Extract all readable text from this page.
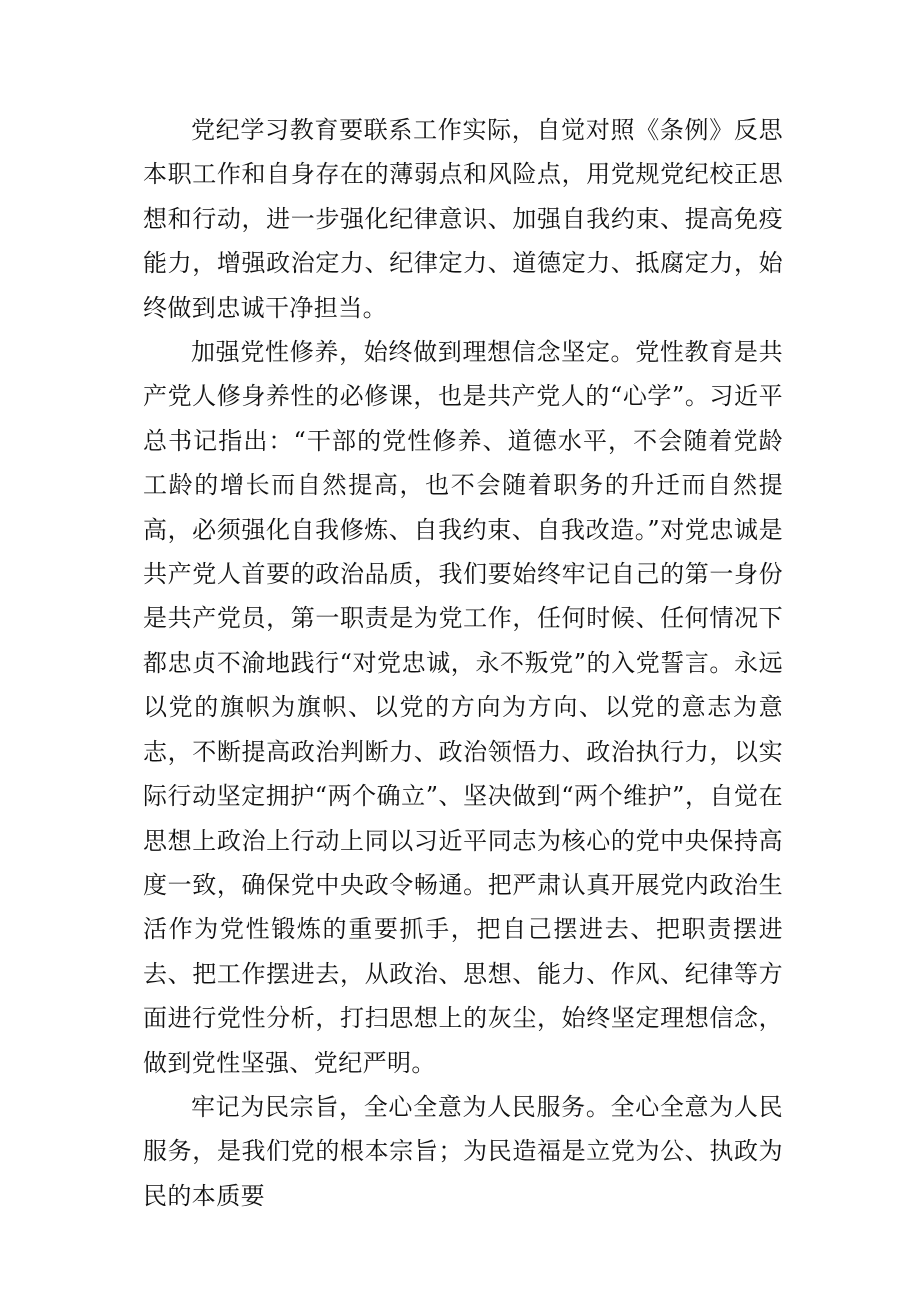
党纪学习教育要联系工作实际，自觉对照《条例》反思本职工作和自身存在的薄弱点和风险点，用党规党纪校正思想和行动，进一步强化纪律意识、加强自我约束、提高免疫能力，增强政治定力、纪律定力、道德定力、抵腐定力，始终做到忠诚干净担当。

加强党性修养，始终做到理想信念坚定。党性教育是共产党人修身养性的必修课，也是共产党人的“心学”。习近平总书记指出：“干部的党性修养、道德水平，不会随着党龄工龄的增长而自然提高，也不会随着职务的升迁而自然提高，必须强化自我修炼、自我约束、自我改造。”对党忠诚是共产党人首要的政治品质，我们要始终牢记自己的第一身份是共产党员，第一职责是为党工作，任何时候、任何情况下都忠贞不渝地践行“对党忠诚，永不叛党”的入党誓言。永远以党的旗帜为旗帜、以党的方向为方向、以党的意志为意志，不断提高政治判断力、政治领悟力、政治执行力，以实际行动坚定拥护“两个确立”、坚决做到“两个维护”，自觉在思想上政治上行动上同以习近平同志为核心的党中央保持高度一致，确保党中央政令畅通。把严肃认真开展党内政治生活作为党性锻炼的重要抓手，把自己摆进去、把职责摆进去、把工作摆进去，从政治、思想、能力、作风、纪律等方面进行党性分析，打扫思想上的灰尘，始终坚定理想信念，做到党性坚强、党纪严明。

牢记为民宗旨，全心全意为人民服务。全心全意为人民服务，是我们党的根本宗旨；为民造福是立党为公、执政为民的本质要
